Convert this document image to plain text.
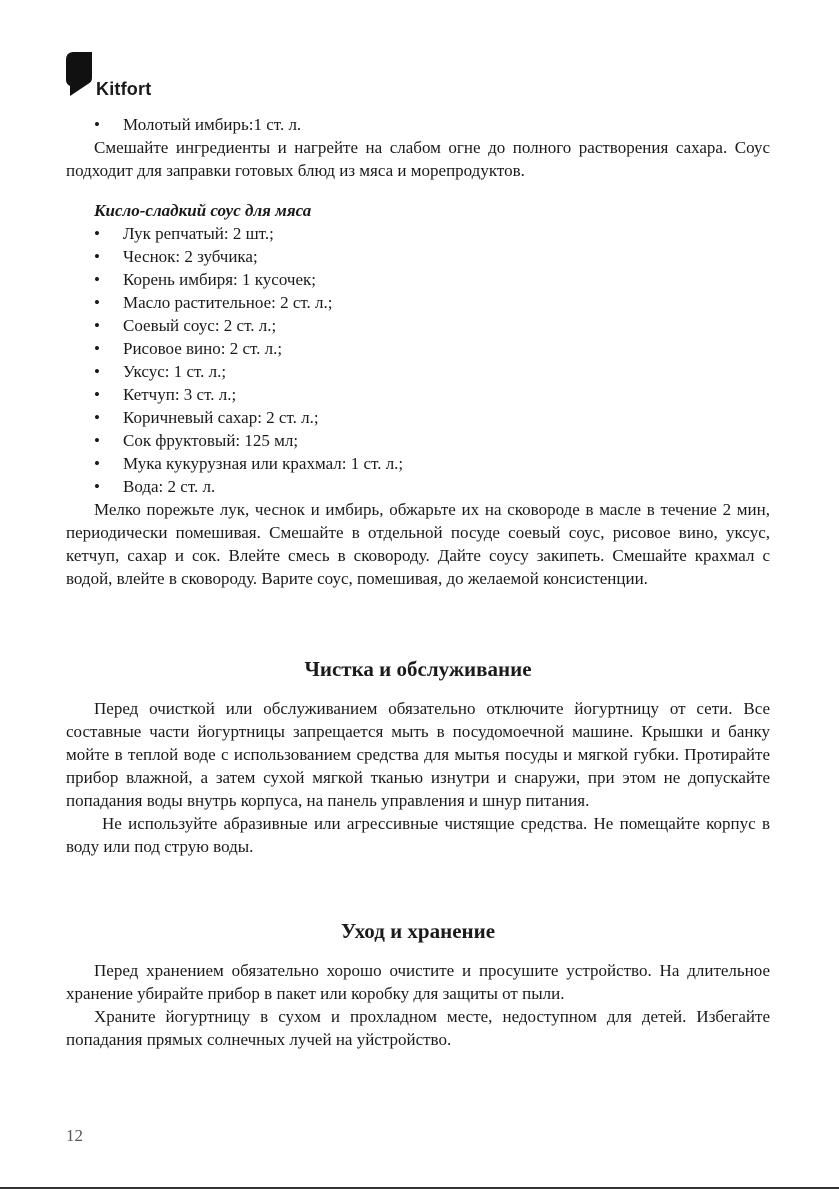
Kitfort
• Молотый имбирь:1 ст. л.

Смешайте ингредиенты и нагрейте на слабом огне до полного растворения сахара. Соус подходит для заправки готовых блюд из мяса и морепродуктов.

Кисло-сладкий соус для мяса
• Лук репчатый: 2 шт.;
• Чеснок: 2 зубчика;
• Корень имбиря: 1 кусочек;
• Масло растительное: 2 ст. л.;
• Соевый соус: 2 ст. л.;
• Рисовое вино: 2 ст. л.;
• Уксус: 1 ст. л.;
• Кетчуп: 3 ст. л.;
• Коричневый сахар: 2 ст. л.;
• Сок фруктовый: 125 мл;
• Мука кукурузная или крахмал: 1 ст. л.;
• Вода: 2 ст. л.

Мелко порежьте лук, чеснок и имбирь, обжарьте их на сковороде в масле в течение 2 мин, периодически помешивая. Смешайте в отдельной посуде соевый соус, рисовое вино, уксус, кетчуп, сахар и сок. Влейте смесь в сковороду. Дайте соусу закипеть. Смешайте крахмал с водой, влейте в сковороду. Варите соус, помешивая, до желаемой консистенции.

Чистка и обслуживание

Перед очисткой или обслуживанием обязательно отключите йогуртницу от сети. Все составные части йогуртницы запрещается мыть в посудомоечной машине. Крышки и банку мойте в теплой воде с использованием средства для мытья посуды и мягкой губки. Протирайте прибор влажной, а затем сухой мягкой тканью изнутри и снаружи, при этом не допускайте попадания воды внутрь корпуса, на панель управления и шнур питания.

Не используйте абразивные или агрессивные чистящие средства. Не помещайте корпус в воду или под струю воды.

Уход и хранение

Перед хранением обязательно хорошо очистите и просушите устройство. На длительное хранение убирайте прибор в пакет или коробку для защиты от пыли.

Храните йогуртницу в сухом и прохладном месте, недоступном для детей. Избегайте попадания прямых солнечных лучей на уйстройство.

12
